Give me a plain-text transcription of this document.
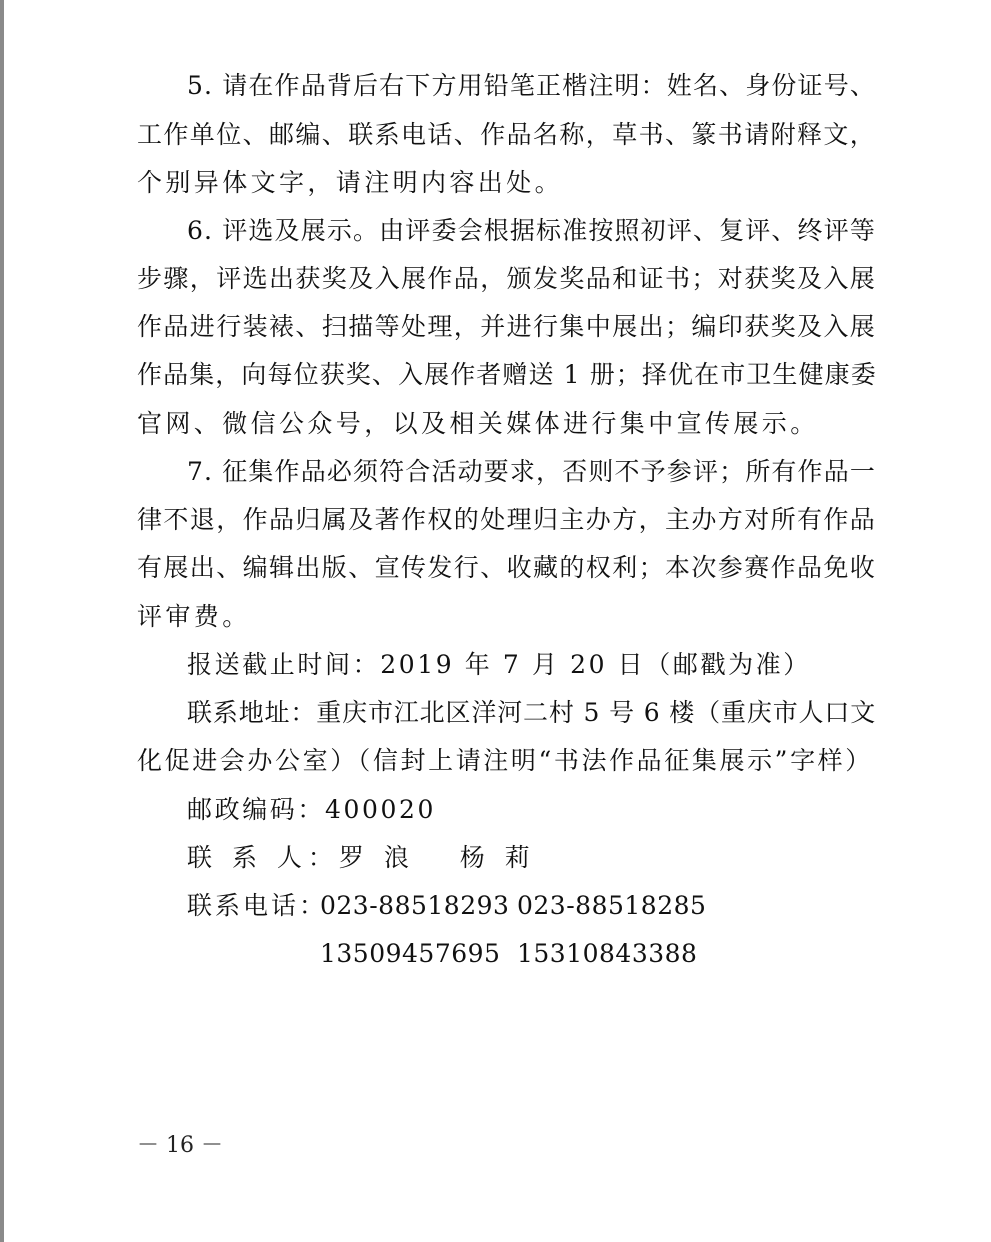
5. 请在作品背后右下方用铅笔正楷注明：姓名、身份证号、
工作单位、邮编、联系电话、作品名称，草书、篆书请附释文，
个别异体文字，请注明内容出处。
6. 评选及展示。由评委会根据标准按照初评、复评、终评等
步骤，评选出获奖及入展作品，颁发奖品和证书；对获奖及入展
作品进行装裱、扫描等处理，并进行集中展出；编印获奖及入展
作品集，向每位获奖、入展作者赠送 1 册；择优在市卫生健康委
官网、微信公众号，以及相关媒体进行集中宣传展示。
7. 征集作品必须符合活动要求，否则不予参评；所有作品一
律不退，作品归属及著作权的处理归主办方，主办方对所有作品
有展出、编辑出版、宣传发行、收藏的权利；本次参赛作品免收
评审费。
报送截止时间：2019 年 7 月 20 日（邮戳为准）
联系地址：重庆市江北区洋河二村 5 号 6 楼（重庆市人口文
化促进会办公室）（信封上请注明“书法作品征集展示”字样）
邮政编码：400020
联 系 人：罗 浪　 杨 莉
联系电话：
023-88518293 023-88518285
13509457695 15310843388
－ 16 －
